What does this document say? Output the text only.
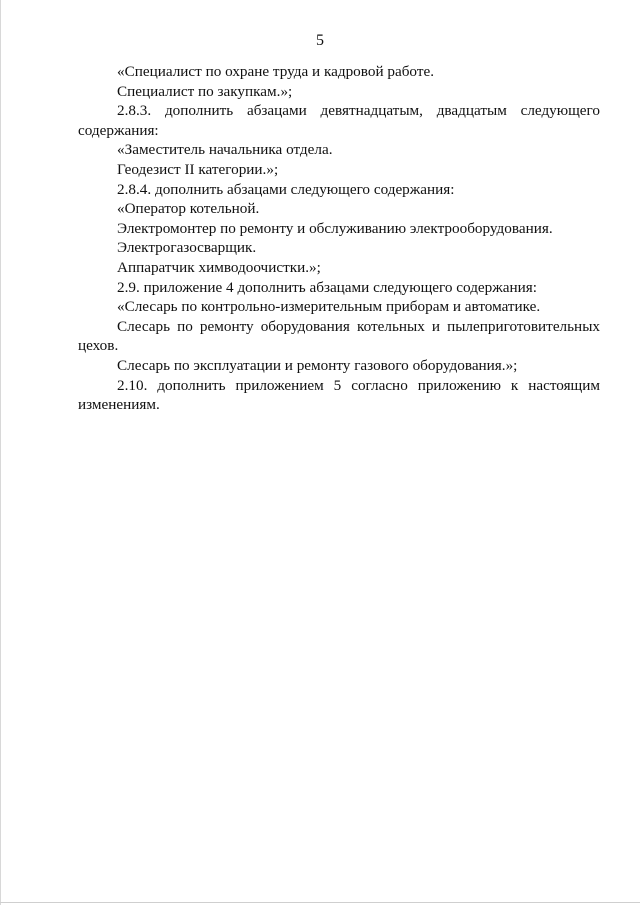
5

«Специалист по охране труда и кадровой работе.

Специалист по закупкам.»;

2.8.3. дополнить абзацами девятнадцатым, двадцатым следующего содержания:

«Заместитель начальника отдела.

Геодезист II категории.»;

2.8.4. дополнить абзацами следующего содержания:

«Оператор котельной.

Электромонтер по ремонту и обслуживанию электрооборудования.

Электрогазосварщик.

Аппаратчик химводоочистки.»;

2.9. приложение 4 дополнить абзацами следующего содержания:

«Слесарь по контрольно-измерительным приборам и автоматике.

Слесарь по ремонту оборудования котельных и пылеприготовительных цехов.

Слесарь по эксплуатации и ремонту газового оборудования.»;

2.10. дополнить приложением 5 согласно приложению к настоящим изменениям.
